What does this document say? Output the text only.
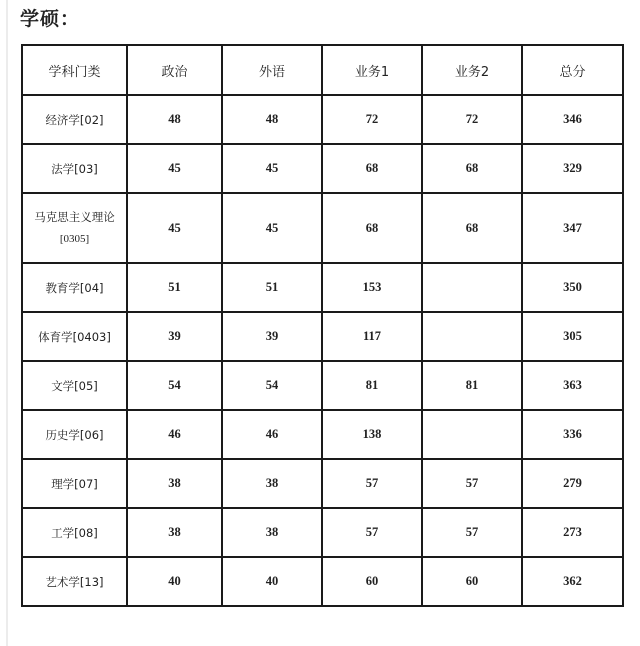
学硕：
学科门类	政治	外语	业务1	业务2	总分
经济学[02]	48	48	72	72	346
法学[03]	45	45	68	68	329

马克思主义理论
[0305]	45	45	68	68	347
教育学[04]	51	51	153		350
体育学[0403]	39	39	117		305
文学[05]	54	54	81	81	363
历史学[06]	46	46	138		336
理学[07]	38	38	57	57	279
工学[08]	38	38	57	57	273
艺术学[13]	40	40	60	60	362
